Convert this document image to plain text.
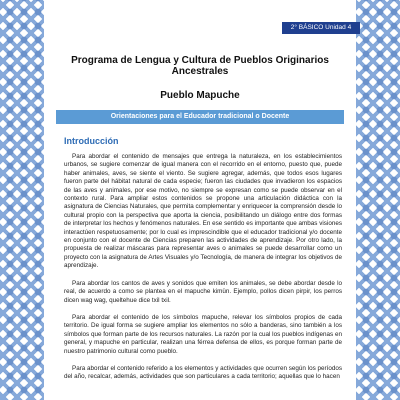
2° BÁSICO Unidad 4
Programa de Lengua y Cultura de Pueblos Originarios Ancestrales
Pueblo Mapuche
Orientaciones para el Educador tradicional o Docente
Introducción

Para abordar el contenido de mensajes que entrega la naturaleza, en los establecimientos urbanos, se sugiere comenzar de igual manera con el recorrido en el entorno, puesto que, puede haber animales, aves, se siente el viento. Se sugiere agregar, además, que todos esos lugares fueron parte del hábitat natural de cada especie; fueron las ciudades que invadieron los espacios de las aves y animales, por ese motivo, no siempre se expresan como se puede observar en el contexto rural. Para ampliar estos contenidos se propone una articulación didáctica con la asignatura de Ciencias Naturales, que permita complementar y enriquecer la comprensión desde lo cultural propio con la perspectiva que aporta la ciencia, posibilitando un diálogo entre dos formas de interpretar los hechos y fenómenos naturales. En ese sentido es importante que ambas visiones interactúen respetuosamente; por lo cual es imprescindible que el educador tradicional y/o docente en conjunto con el docente de Ciencias preparen las actividades de aprendizaje. Por otro lado, la propuesta de realizar máscaras para representar aves o animales se puede desarrollar como un proyecto con la asignatura de Artes Visuales y/o Tecnología, de manera de integrar los objetivos de aprendizaje.

Para abordar los cantos de aves y sonidos que emiten los animales, se debe abordar desde lo real, de acuerdo a como se plantea en el mapuche kimün. Ejemplo, pollos dicen pirpir, los perros dicen wag wag, queltehue dice txil txil.

Para abordar el contenido de los símbolos mapuche, relevar los símbolos propios de cada territorio. De igual forma se sugiere ampliar los elementos no sólo a banderas, sino también a los símbolos que forman parte de los recursos naturales. La razón por la cual los pueblos indígenas en general, y mapuche en particular, realizan una férrea defensa de ellos, es porque forman parte de nuestro patrimonio cultural como pueblo.

Para abordar el contenido referido a los elementos y actividades que ocurren según los períodos del año, recalcar, además, actividades que son particulares a cada territorio; aquellas que lo hacen
